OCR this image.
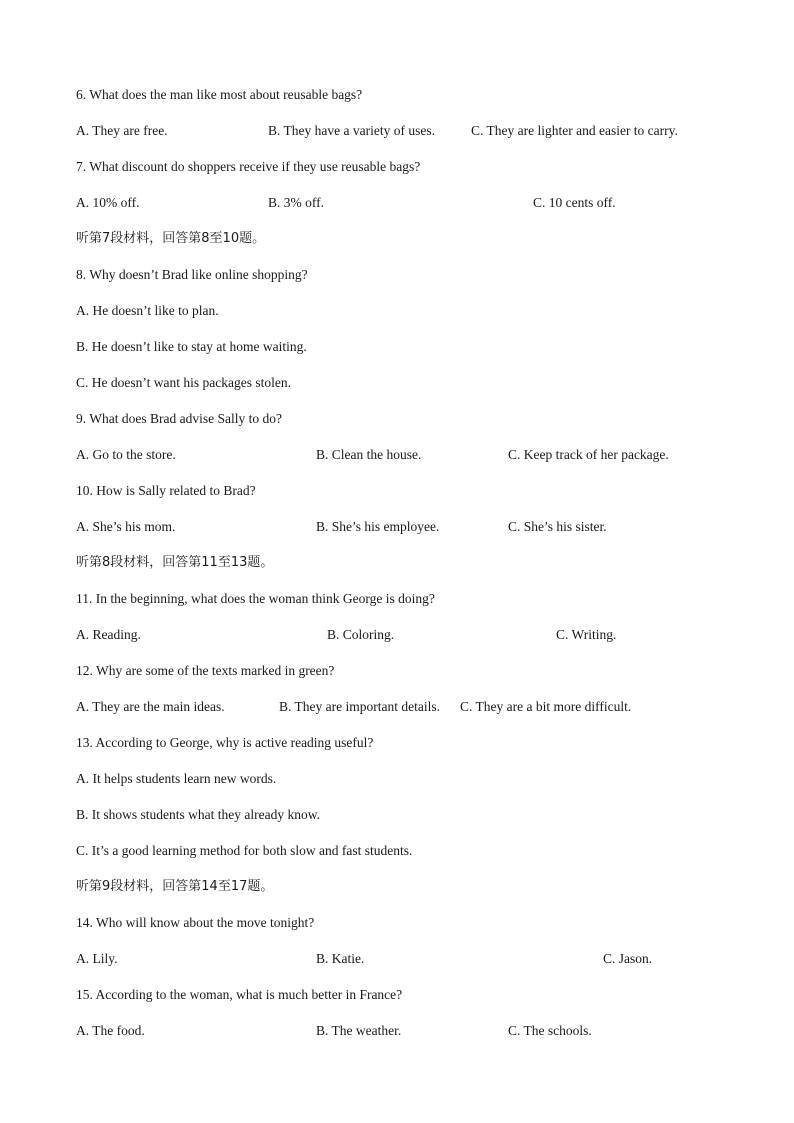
6. What does the man like most about reusable bags?
A. They are free.	B. They have a variety of uses.	C. They are lighter and easier to carry.
7. What discount do shoppers receive if they use reusable bags?
A. 10% off.	B. 3% off.	C. 10 cents off.
听第7段材料，回答第8至10题。
8. Why doesn’t Brad like online shopping?
A. He doesn’t like to plan.
B. He doesn’t like to stay at home waiting.
C. He doesn’t want his packages stolen.
9. What does Brad advise Sally to do?
A. Go to the store.	B. Clean the house.	C. Keep track of her package.
10. How is Sally related to Brad?
A. She’s his mom.	B. She’s his employee.	C. She’s his sister.
听第8段材料，回答第11至13题。
11. In the beginning, what does the woman think George is doing?
A. Reading.	B. Coloring.	C. Writing.
12. Why are some of the texts marked in green?
A. They are the main ideas.	B. They are important details. C. They are a bit more difficult.
13. According to George, why is active reading useful?
A. It helps students learn new words.
B. It shows students what they already know.
C. It’s a good learning method for both slow and fast students.
听第9段材料，回答第14至17题。
14. Who will know about the move tonight?
A. Lily.	B. Katie.	C. Jason.
15. According to the woman, what is much better in France?
A. The food.	B. The weather.	C. The schools.
